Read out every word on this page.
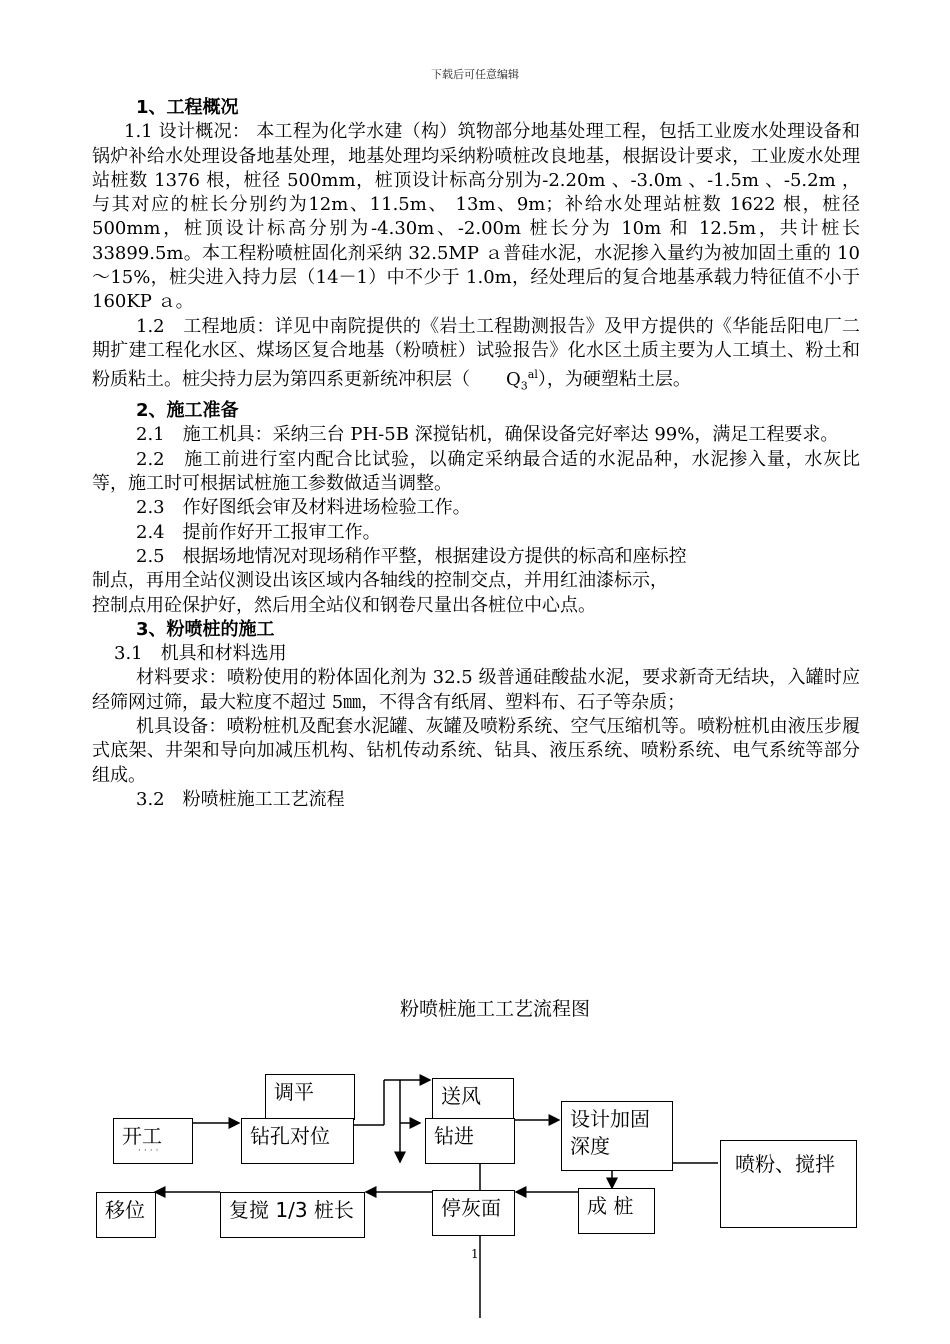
下载后可任意编辑

1、工程概况

1.1 设计概况： 本工程为化学水建（构）筑物部分地基处理工程，包括工业废水处理设备和锅炉补给水处理设备地基处理，地基处理均采纳粉喷桩改良地基，根据设计要求，工业废水处理站桩数 1376 根，桩径 500mm，桩顶设计标高分别为-2.20m 、-3.0m 、-1.5m 、-5.2m ， 与其对应的桩长分别约为12m、11.5m、 13m、9m；补给水处理站桩数 1622 根，桩径 500mm，桩顶设计标高分别为-4.30m、-2.00m 桩长分为 10m 和 12.5m，共计桩长 33899.5m。本工程粉喷桩固化剂采纳 32.5MP ａ普硅水泥，水泥掺入量约为被加固土重的 10～15%，桩尖进入持力层（14－1）中不少于 1.0m，经处理后的复合地基承载力特征值不小于 160KP ａ。

1.2　工程地质：详见中南院提供的《岩土工程勘测报告》及甲方提供的《华能岳阳电厂二期扩建工程化水区、煤场区复合地基（粉喷桩）试验报告》化水区土质主要为人工填土、粉土和粉质粘土。桩尖持力层为第四系更新统冲积层（　　$Q_3^{al}$），为硬塑粘土层。

2、施工准备

2.1　施工机具：采纳三台 PH-5B 深搅钻机，确保设备完好率达 99%，满足工程要求。

2.2　施工前进行室内配合比试验，以确定采纳最合适的水泥品种，水泥掺入量，水灰比等，施工时可根据试桩施工参数做适当调整。

2.3　作好图纸会审及材料进场检验工作。

2.4　提前作好开工报审工作。

2.5　根据场地情况对现场稍作平整，根据建设方提供的标高和座标控

制点，再用全站仪测设出该区域内各轴线的控制交点，并用红油漆标示，

控制点用砼保护好，然后用全站仪和钢卷尺量出各桩位中心点。

3、粉喷桩的施工

3.1　机具和材料选用

材料要求：喷粉使用的粉体固化剂为 32.5 级普通硅酸盐水泥，要求新奇无结块，入罐时应经筛网过筛，最大粒度不超过 5㎜，不得含有纸屑、塑料布、石子等杂质；

机具设备：喷粉桩机及配套水泥罐、灰罐及喷粉系统、空气压缩机等。喷粉桩机由液压步履式底架、井架和导向加减压机构、钻机传动系统、钻具、液压系统、喷粉系统、电气系统等部分组成。

3.2　粉喷桩施工工艺流程

粉喷桩施工工艺流程图
调平	送风
开工
····
钻孔对位	钻进
设计加固深度
喷粉、搅拌
移位	复搅 1/3 桩长	停灰面	成 桩
1
